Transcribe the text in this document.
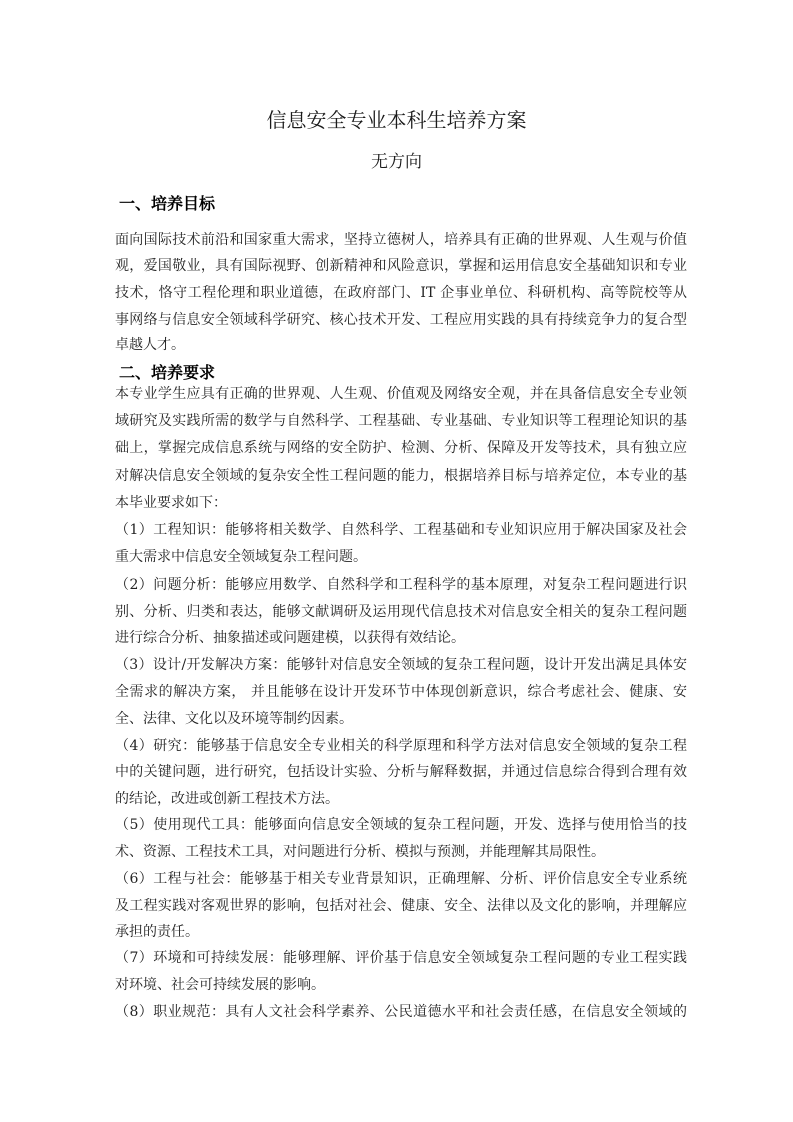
信息安全专业本科生培养方案
无方向
一、培养目标
面向国际技术前沿和国家重大需求，坚持立德树人，培养具有正确的世界观、人生观与价值
观，爱国敬业，具有国际视野、创新精神和风险意识，掌握和运用信息安全基础知识和专业
技术，恪守工程伦理和职业道德，在政府部门、IT 企事业单位、科研机构、高等院校等从
事网络与信息安全领域科学研究、核心技术开发、工程应用实践的具有持续竞争力的复合型
卓越人才。
二、培养要求
本专业学生应具有正确的世界观、人生观、价值观及网络安全观，并在具备信息安全专业领
域研究及实践所需的数学与自然科学、工程基础、专业基础、专业知识等工程理论知识的基
础上，掌握完成信息系统与网络的安全防护、检测、分析、保障及开发等技术，具有独立应
对解决信息安全领域的复杂安全性工程问题的能力，根据培养目标与培养定位，本专业的基
本毕业要求如下：
（1）工程知识：能够将相关数学、自然科学、工程基础和专业知识应用于解决国家及社会
重大需求中信息安全领域复杂工程问题。
（2）问题分析：能够应用数学、自然科学和工程科学的基本原理，对复杂工程问题进行识
别、分析、归类和表达，能够文献调研及运用现代信息技术对信息安全相关的复杂工程问题
进行综合分析、抽象描述或问题建模，以获得有效结论。
（3）设计/开发解决方案：能够针对信息安全领域的复杂工程问题，设计开发出满足具体安
全需求的解决方案， 并且能够在设计开发环节中体现创新意识，综合考虑社会、健康、安
全、法律、文化以及环境等制约因素。
（4）研究：能够基于信息安全专业相关的科学原理和科学方法对信息安全领域的复杂工程
中的关键问题，进行研究，包括设计实验、分析与解释数据，并通过信息综合得到合理有效
的结论，改进或创新工程技术方法。
（5）使用现代工具：能够面向信息安全领域的复杂工程问题，开发、选择与使用恰当的技
术、资源、工程技术工具，对问题进行分析、模拟与预测，并能理解其局限性。
（6）工程与社会：能够基于相关专业背景知识，正确理解、分析、评价信息安全专业系统
及工程实践对客观世界的影响，包括对社会、健康、安全、法律以及文化的影响，并理解应
承担的责任。
（7）环境和可持续发展：能够理解、评价基于信息安全领域复杂工程问题的专业工程实践
对环境、社会可持续发展的影响。
（8）职业规范：具有人文社会科学素养、公民道德水平和社会责任感，在信息安全领域的
